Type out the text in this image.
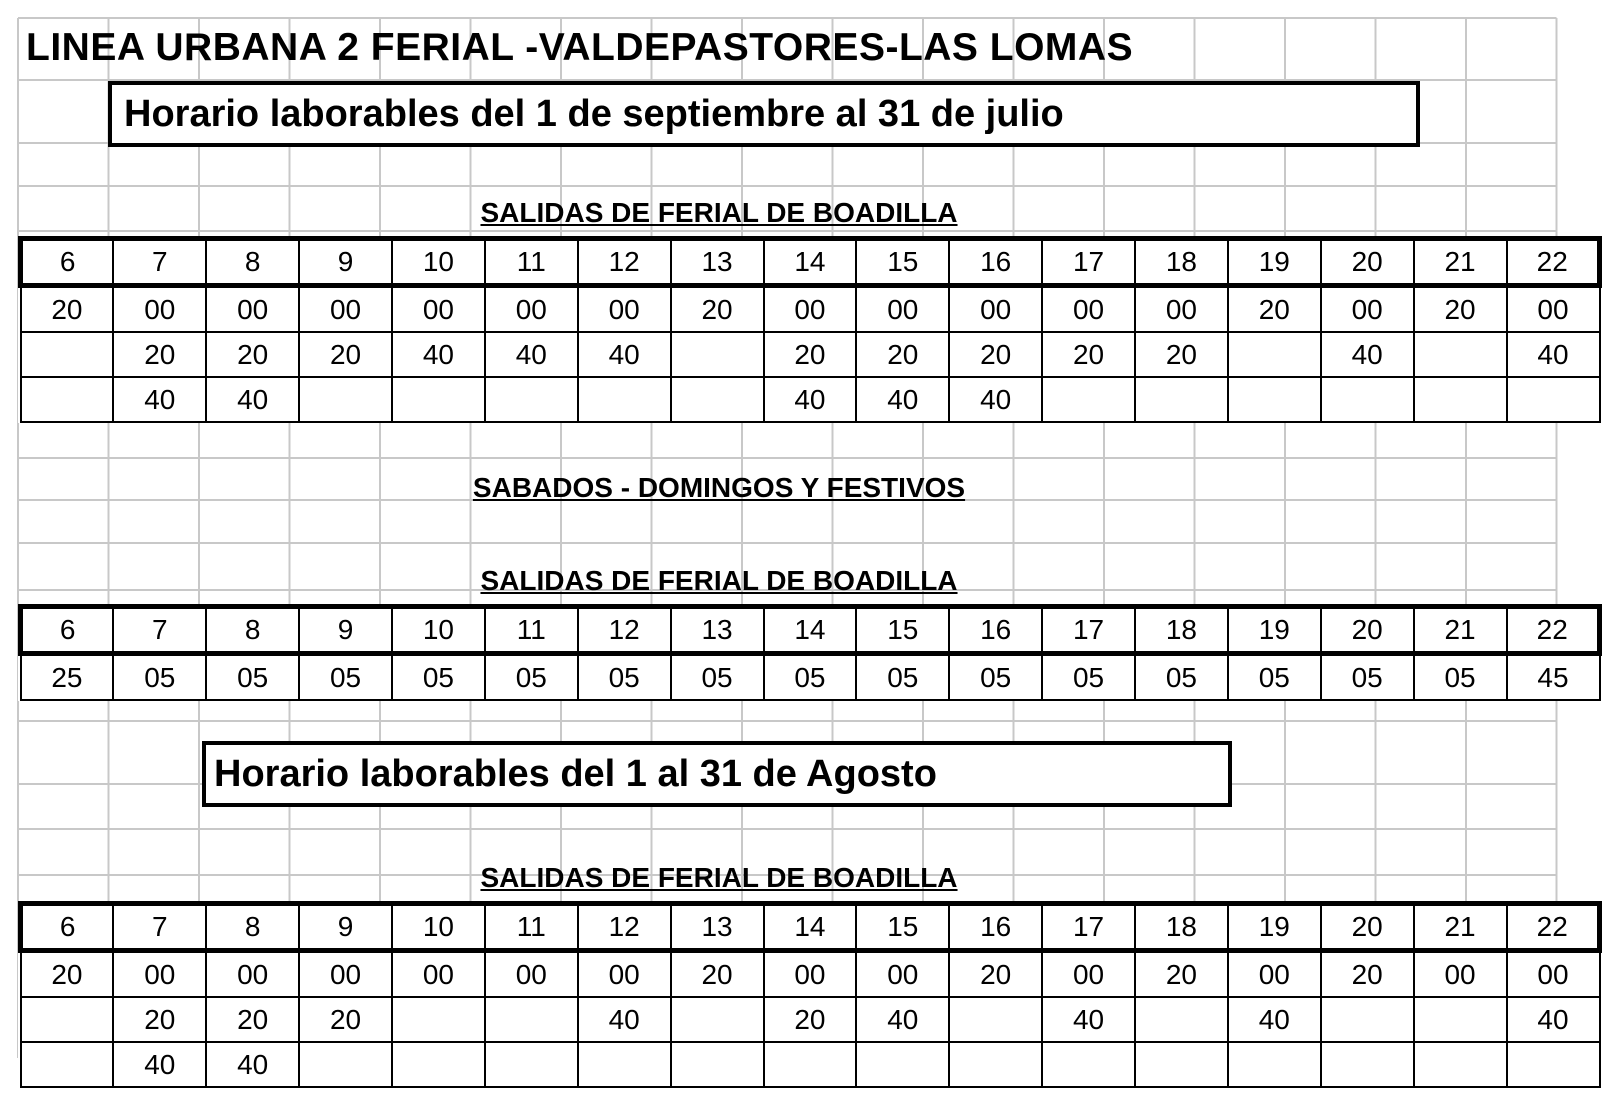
LINEA URBANA 2 FERIAL -VALDEPASTORES-LAS LOMAS
Horario laborables del 1 de septiembre al 31 de julio
SALIDAS DE FERIAL DE BOADILLA
6	7	8	9	10	11	12	13	14	15	16	17	18	19	20	21	22
20	00	00	00	00	00	00	20	00	00	00	00	00	20	00	20	00
	20	20	20	40	40	40		20	20	20	20	20		40		40
	40	40						40	40	40						
SABADOS - DOMINGOS Y FESTIVOS
SALIDAS DE FERIAL DE BOADILLA
6	7	8	9	10	11	12	13	14	15	16	17	18	19	20	21	22
25	05	05	05	05	05	05	05	05	05	05	05	05	05	05	05	45
Horario laborables del 1 al 31 de Agosto
SALIDAS DE FERIAL DE BOADILLA
6	7	8	9	10	11	12	13	14	15	16	17	18	19	20	21	22
20	00	00	00	00	00	00	20	00	00	20	00	20	00	20	00	00
	20	20	20			40		20	40		40		40			40
	40	40														
